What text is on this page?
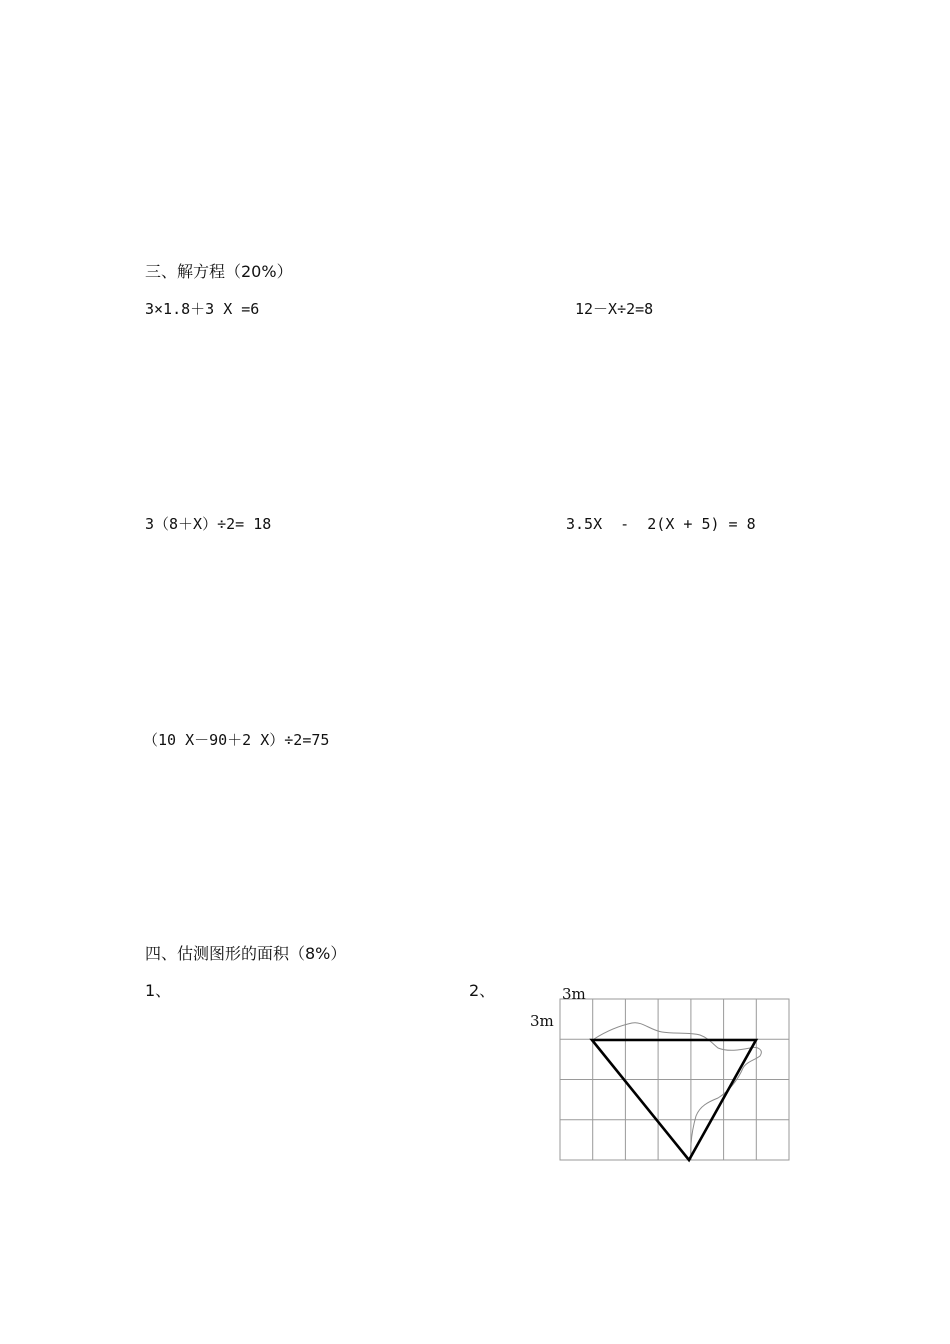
三、解方程（20%）
3×1.8＋3 X =6	12－X÷2=8
3（8＋X）÷2= 18	3.5X  -  2(X + 5) = 8
（10 X－90＋2 X）÷2=75
四、估测图形的面积（8%）
1、	2、	3m
3m
